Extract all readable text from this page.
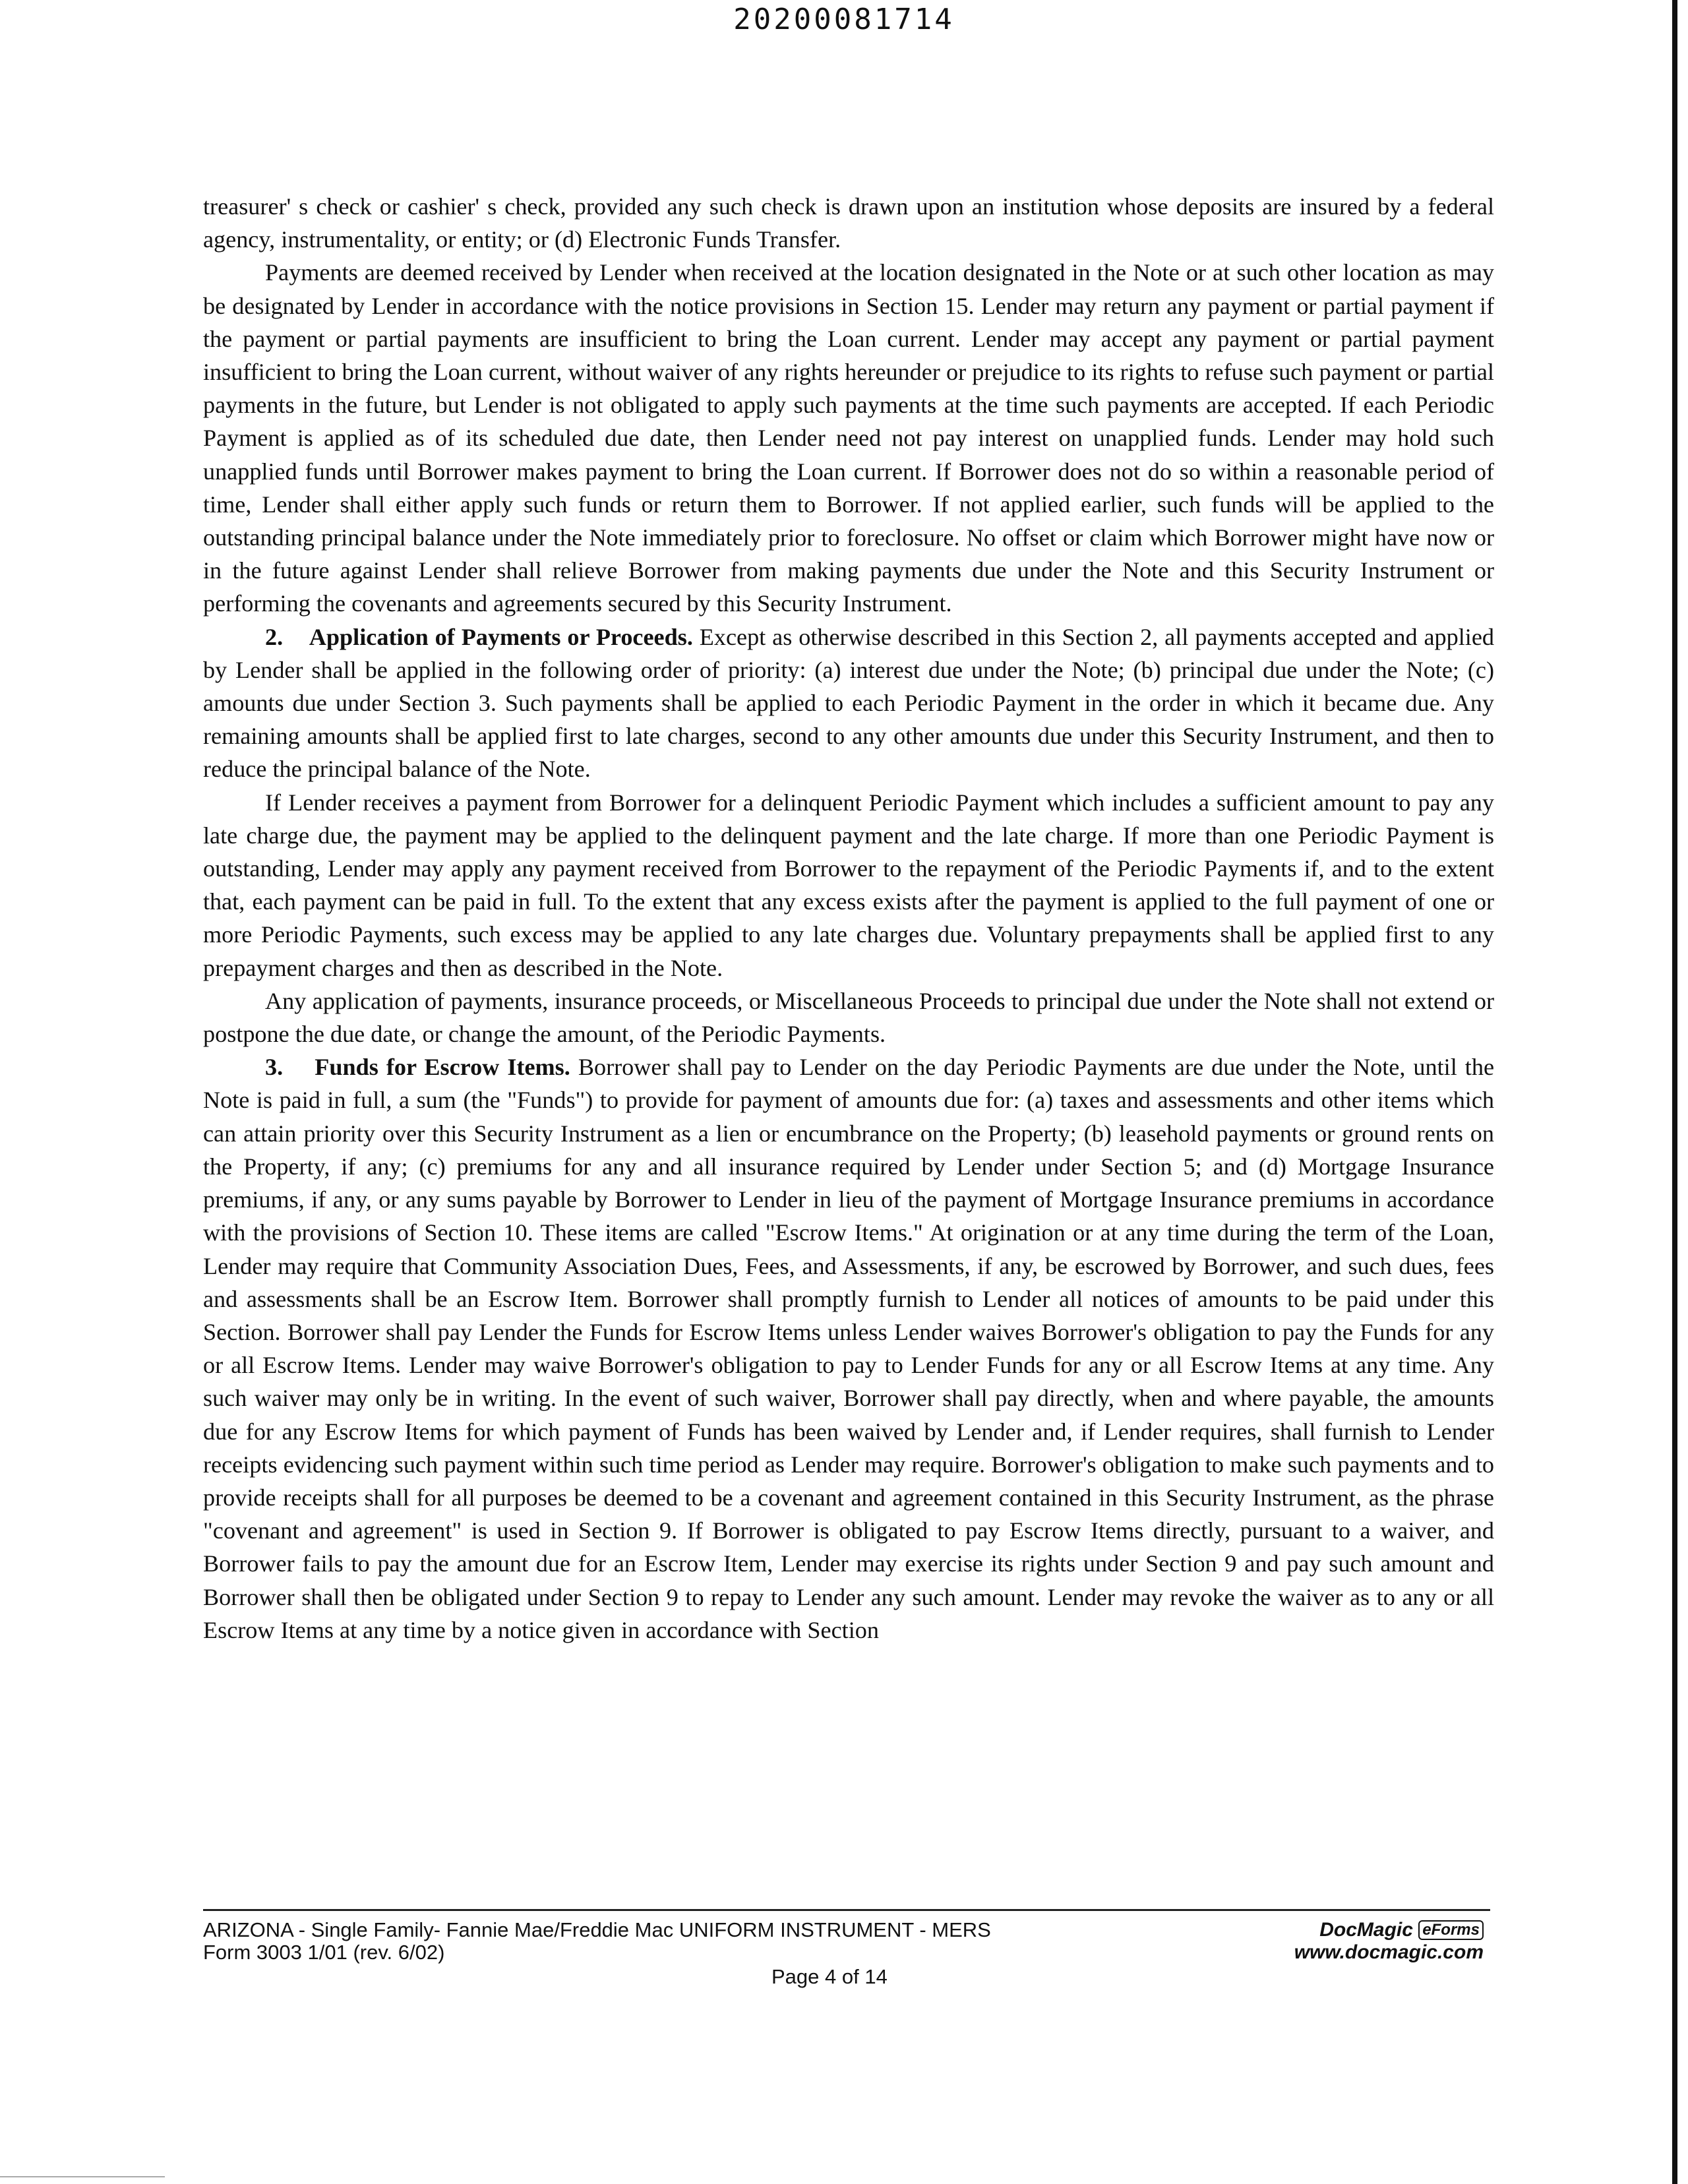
20200081714

treasurer' s check or cashier' s check, provided any such check is drawn upon an institution whose deposits are insured by a federal agency, instrumentality, or entity; or (d) Electronic Funds Transfer.

Payments are deemed received by Lender when received at the location designated in the Note or at such other location as may be designated by Lender in accordance with the notice provisions in Section 15. Lender may return any payment or partial payment if the payment or partial payments are insufficient to bring the Loan current. Lender may accept any payment or partial payment insufficient to bring the Loan current, without waiver of any rights hereunder or prejudice to its rights to refuse such payment or partial payments in the future, but Lender is not obligated to apply such payments at the time such payments are accepted. If each Periodic Payment is applied as of its scheduled due date, then Lender need not pay interest on unapplied funds. Lender may hold such unapplied funds until Borrower makes payment to bring the Loan current. If Borrower does not do so within a reasonable period of time, Lender shall either apply such funds or return them to Borrower. If not applied earlier, such funds will be applied to the outstanding principal balance under the Note immediately prior to foreclosure. No offset or claim which Borrower might have now or in the future against Lender shall relieve Borrower from making payments due under the Note and this Security Instrument or performing the covenants and agreements secured by this Security Instrument.

2. Application of Payments or Proceeds. Except as otherwise described in this Section 2, all payments accepted and applied by Lender shall be applied in the following order of priority: (a) interest due under the Note; (b) principal due under the Note; (c) amounts due under Section 3. Such payments shall be applied to each Periodic Payment in the order in which it became due. Any remaining amounts shall be applied first to late charges, second to any other amounts due under this Security Instrument, and then to reduce the principal balance of the Note.

If Lender receives a payment from Borrower for a delinquent Periodic Payment which includes a sufficient amount to pay any late charge due, the payment may be applied to the delinquent payment and the late charge. If more than one Periodic Payment is outstanding, Lender may apply any payment received from Borrower to the repayment of the Periodic Payments if, and to the extent that, each payment can be paid in full. To the extent that any excess exists after the payment is applied to the full payment of one or more Periodic Payments, such excess may be applied to any late charges due. Voluntary prepayments shall be applied first to any prepayment charges and then as described in the Note.

Any application of payments, insurance proceeds, or Miscellaneous Proceeds to principal due under the Note shall not extend or postpone the due date, or change the amount, of the Periodic Payments.

3. Funds for Escrow Items. Borrower shall pay to Lender on the day Periodic Payments are due under the Note, until the Note is paid in full, a sum (the "Funds") to provide for payment of amounts due for: (a) taxes and assessments and other items which can attain priority over this Security Instrument as a lien or encumbrance on the Property; (b) leasehold payments or ground rents on the Property, if any; (c) premiums for any and all insurance required by Lender under Section 5; and (d) Mortgage Insurance premiums, if any, or any sums payable by Borrower to Lender in lieu of the payment of Mortgage Insurance premiums in accordance with the provisions of Section 10. These items are called "Escrow Items." At origination or at any time during the term of the Loan, Lender may require that Community Association Dues, Fees, and Assessments, if any, be escrowed by Borrower, and such dues, fees and assessments shall be an Escrow Item. Borrower shall promptly furnish to Lender all notices of amounts to be paid under this Section. Borrower shall pay Lender the Funds for Escrow Items unless Lender waives Borrower's obligation to pay the Funds for any or all Escrow Items. Lender may waive Borrower's obligation to pay to Lender Funds for any or all Escrow Items at any time. Any such waiver may only be in writing. In the event of such waiver, Borrower shall pay directly, when and where payable, the amounts due for any Escrow Items for which payment of Funds has been waived by Lender and, if Lender requires, shall furnish to Lender receipts evidencing such payment within such time period as Lender may require. Borrower's obligation to make such payments and to provide receipts shall for all purposes be deemed to be a covenant and agreement contained in this Security Instrument, as the phrase "covenant and agreement" is used in Section 9. If Borrower is obligated to pay Escrow Items directly, pursuant to a waiver, and Borrower fails to pay the amount due for an Escrow Item, Lender may exercise its rights under Section 9 and pay such amount and Borrower shall then be obligated under Section 9 to repay to Lender any such amount. Lender may revoke the waiver as to any or all Escrow Items at any time by a notice given in accordance with Section

ARIZONA - Single Family- Fannie Mae/Freddie Mac UNIFORM INSTRUMENT - MERS
Form 3003 1/01 (rev. 6/02)
Page 4 of 14
DocMagic eForms
www.docmagic.com
